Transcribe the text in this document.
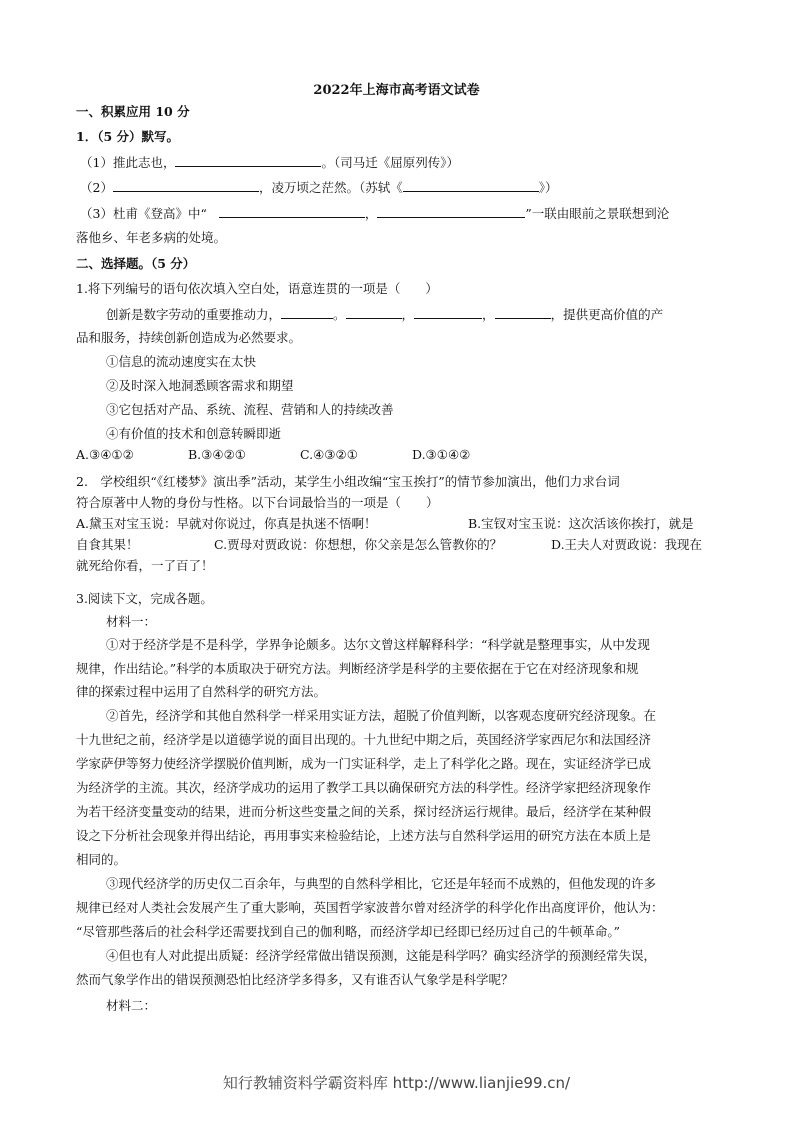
2022年上海市高考语文试卷
一、积累应用 10 分
1．（5 分）默写。
（1）推此志也，	。（司马迁《屈原列传》）
（2）	，凌万顷之茫然。（苏轼《	》）
（3）杜甫《登高》中“	，	”一联由眼前之景联想到沦
落他乡、年老多病的处境。
二、选择题。（5 分）
1.将下列编号的语句依次填入空白处，语意连贯的一项是（　　）
创新是数字劳动的重要推动力，	。	，	，	，提供更高价值的产
品和服务，持续创新创造成为必然要求。
①信息的流动速度实在太快
②及时深入地洞悉顾客需求和期望
③它包括对产品、系统、流程、营销和人的持续改善
④有价值的技术和创意转瞬即逝
A.③④①②	B.③④②①	C.④③②①	D.③①④②
2.　学校组织“《红楼梦》演出季”活动，某学生小组改编“宝玉挨打”的情节参加演出，他们力求台词
符合原著中人物的身份与性格。以下台词最恰当的一项是（　　）
A.黛玉对宝玉说：早就对你说过，你真是执迷不悟啊！	B.宝钗对宝玉说：这次活该你挨打，就是
自食其果！	C.贾母对贾政说：你想想，你父亲是怎么管教你的？	D.王夫人对贾政说：我现在
就死给你看，一了百了！
3.阅读下文，完成各题。
材料一：
①对于经济学是不是科学，学界争论颇多。达尔文曾这样解释科学：“科学就是整理事实，从中发现
规律，作出结论。”科学的本质取决于研究方法。判断经济学是科学的主要依据在于它在对经济现象和规
律的探索过程中运用了自然科学的研究方法。
②首先，经济学和其他自然科学一样采用实证方法，超脱了价值判断，以客观态度研究经济现象。在
十九世纪之前，经济学是以道德学说的面目出现的。十九世纪中期之后，英国经济学家西尼尔和法国经济
学家萨伊等努力使经济学摆脱价值判断，成为一门实证科学，走上了科学化之路。现在，实证经济学已成
为经济学的主流。其次，经济学成功的运用了教学工具以确保研究方法的科学性。经济学家把经济现象作
为若干经济变量变动的结果，进而分析这些变量之间的关系，探讨经济运行规律。最后，经济学在某种假
设之下分析社会现象并得出结论，再用事实来检验结论，上述方法与自然科学运用的研究方法在本质上是
相同的。
③现代经济学的历史仅二百余年，与典型的自然科学相比，它还是年轻而不成熟的，但他发现的许多
规律已经对人类社会发展产生了重大影响，英国哲学家波普尔曾对经济学的科学化作出高度评价，他认为：
“尽管那些落后的社会科学还需要找到自己的伽利略，而经济学却已经即已经历过自己的牛顿革命。”
④但也有人对此提出质疑：经济学经常做出错误预测，这能是科学吗？确实经济学的预测经常失误，
然而气象学作出的错误预测恐怕比经济学多得多，又有谁否认气象学是科学呢？
材料二：
知行教辅资料学霸资料库 http://www.lianjie99.cn/
